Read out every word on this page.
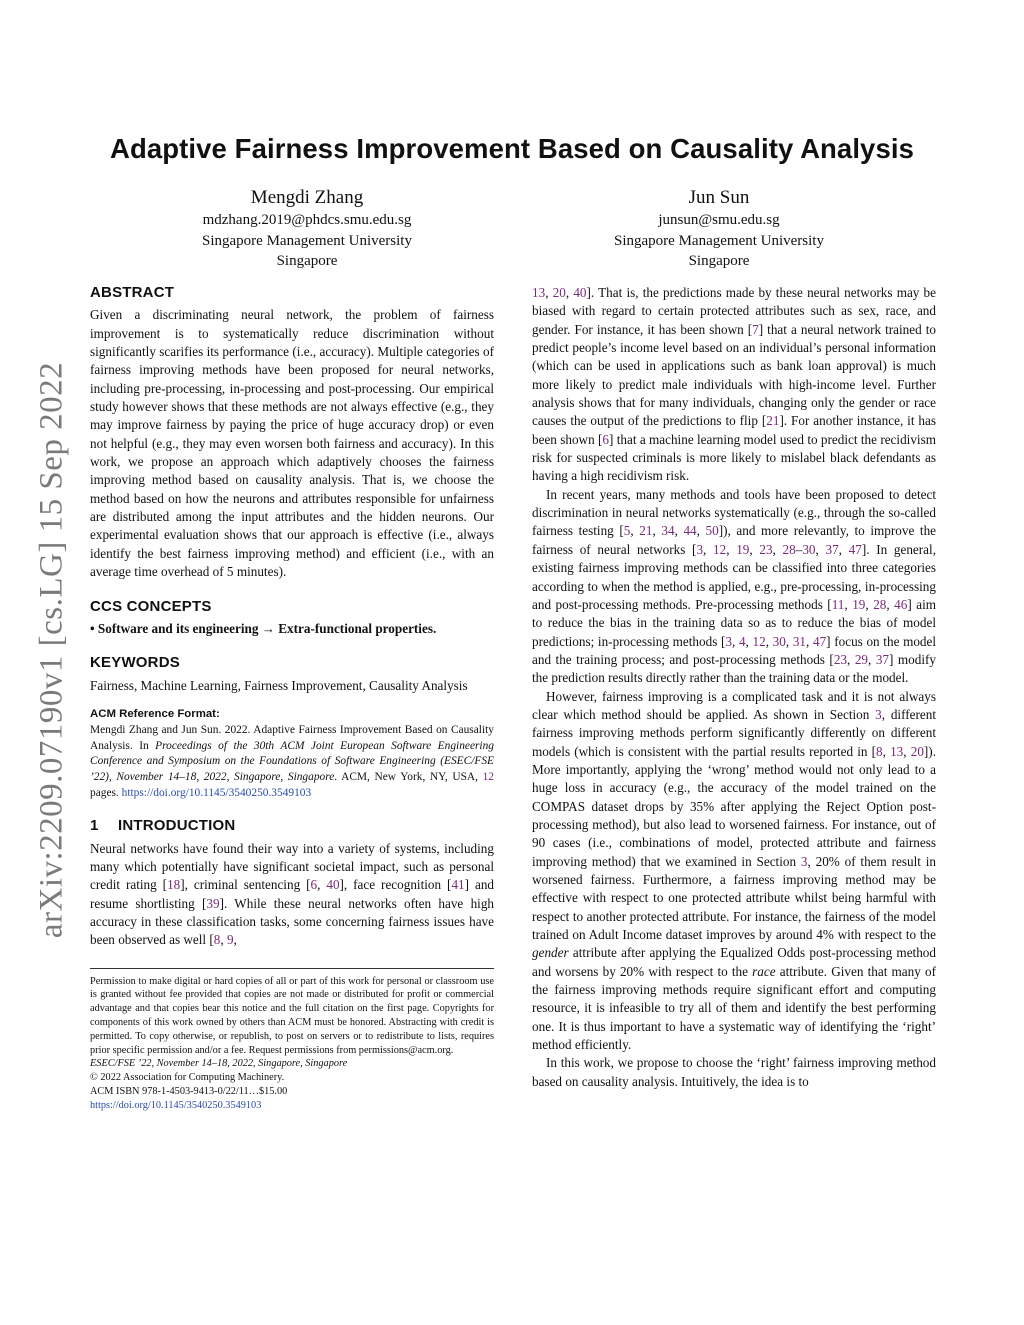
arXiv:2209.07190v1 [cs.LG] 15 Sep 2022
Adaptive Fairness Improvement Based on Causality Analysis
Mengdi Zhang
mdzhang.2019@phdcs.smu.edu.sg
Singapore Management University
Singapore
Jun Sun
junsun@smu.edu.sg
Singapore Management University
Singapore
ABSTRACT

Given a discriminating neural network, the problem of fairness improvement is to systematically reduce discrimination without significantly scarifies its performance (i.e., accuracy). Multiple categories of fairness improving methods have been proposed for neural networks, including pre-processing, in-processing and post-processing. Our empirical study however shows that these methods are not always effective (e.g., they may improve fairness by paying the price of huge accuracy drop) or even not helpful (e.g., they may even worsen both fairness and accuracy). In this work, we propose an approach which adaptively chooses the fairness improving method based on causality analysis. That is, we choose the method based on how the neurons and attributes responsible for unfairness are distributed among the input attributes and the hidden neurons. Our experimental evaluation shows that our approach is effective (i.e., always identify the best fairness improving method) and efficient (i.e., with an average time overhead of 5 minutes).

CCS CONCEPTS

• Software and its engineering → Extra-functional properties.

KEYWORDS

Fairness, Machine Learning, Fairness Improvement, Causality Analysis

ACM Reference Format:

Mengdi Zhang and Jun Sun. 2022. Adaptive Fairness Improvement Based on Causality Analysis. In Proceedings of the 30th ACM Joint European Software Engineering Conference and Symposium on the Foundations of Software Engineering (ESEC/FSE ’22), November 14–18, 2022, Singapore, Singapore. ACM, New York, NY, USA, 12 pages. https://doi.org/10.1145/3540250.3549103

1 INTRODUCTION

Neural networks have found their way into a variety of systems, including many which potentially have significant societal impact, such as personal credit rating [18], criminal sentencing [6, 40], face recognition [41] and resume shortlisting [39]. While these neural networks often have high accuracy in these classification tasks, some concerning fairness issues have been observed as well [8, 9,

Permission to make digital or hard copies of all or part of this work for personal or classroom use is granted without fee provided that copies are not made or distributed for profit or commercial advantage and that copies bear this notice and the full citation on the first page. Copyrights for components of this work owned by others than ACM must be honored. Abstracting with credit is permitted. To copy otherwise, or republish, to post on servers or to redistribute to lists, requires prior specific permission and/or a fee. Request permissions from permissions@acm.org.

ESEC/FSE ’22, November 14–18, 2022, Singapore, Singapore
© 2022 Association for Computing Machinery.
ACM ISBN 978-1-4503-9413-0/22/11…$15.00
https://doi.org/10.1145/3540250.3549103

13, 20, 40]. That is, the predictions made by these neural networks may be biased with regard to certain protected attributes such as sex, race, and gender. For instance, it has been shown [7] that a neural network trained to predict people’s income level based on an individual’s personal information (which can be used in applications such as bank loan approval) is much more likely to predict male individuals with high-income level. Further analysis shows that for many individuals, changing only the gender or race causes the output of the predictions to flip [21]. For another instance, it has been shown [6] that a machine learning model used to predict the recidivism risk for suspected criminals is more likely to mislabel black defendants as having a high recidivism risk.

In recent years, many methods and tools have been proposed to detect discrimination in neural networks systematically (e.g., through the so-called fairness testing [5, 21, 34, 44, 50]), and more relevantly, to improve the fairness of neural networks [3, 12, 19, 23, 28–30, 37, 47]. In general, existing fairness improving methods can be classified into three categories according to when the method is applied, e.g., pre-processing, in-processing and post-processing methods. Pre-processing methods [11, 19, 28, 46] aim to reduce the bias in the training data so as to reduce the bias of model predictions; in-processing methods [3, 4, 12, 30, 31, 47] focus on the model and the training process; and post-processing methods [23, 29, 37] modify the prediction results directly rather than the training data or the model.

However, fairness improving is a complicated task and it is not always clear which method should be applied. As shown in Section 3, different fairness improving methods perform significantly differently on different models (which is consistent with the partial results reported in [8, 13, 20]). More importantly, applying the ‘wrong’ method would not only lead to a huge loss in accuracy (e.g., the accuracy of the model trained on the COMPAS dataset drops by 35% after applying the Reject Option post-processing method), but also lead to worsened fairness. For instance, out of 90 cases (i.e., combinations of model, protected attribute and fairness improving method) that we examined in Section 3, 20% of them result in worsened fairness. Furthermore, a fairness improving method may be effective with respect to one protected attribute whilst being harmful with respect to another protected attribute. For instance, the fairness of the model trained on Adult Income dataset improves by around 4% with respect to the gender attribute after applying the Equalized Odds post-processing method and worsens by 20% with respect to the race attribute. Given that many of the fairness improving methods require significant effort and computing resource, it is infeasible to try all of them and identify the best performing one. It is thus important to have a systematic way of identifying the ‘right’ method efficiently.

In this work, we propose to choose the ‘right’ fairness improving method based on causality analysis. Intuitively, the idea is to
